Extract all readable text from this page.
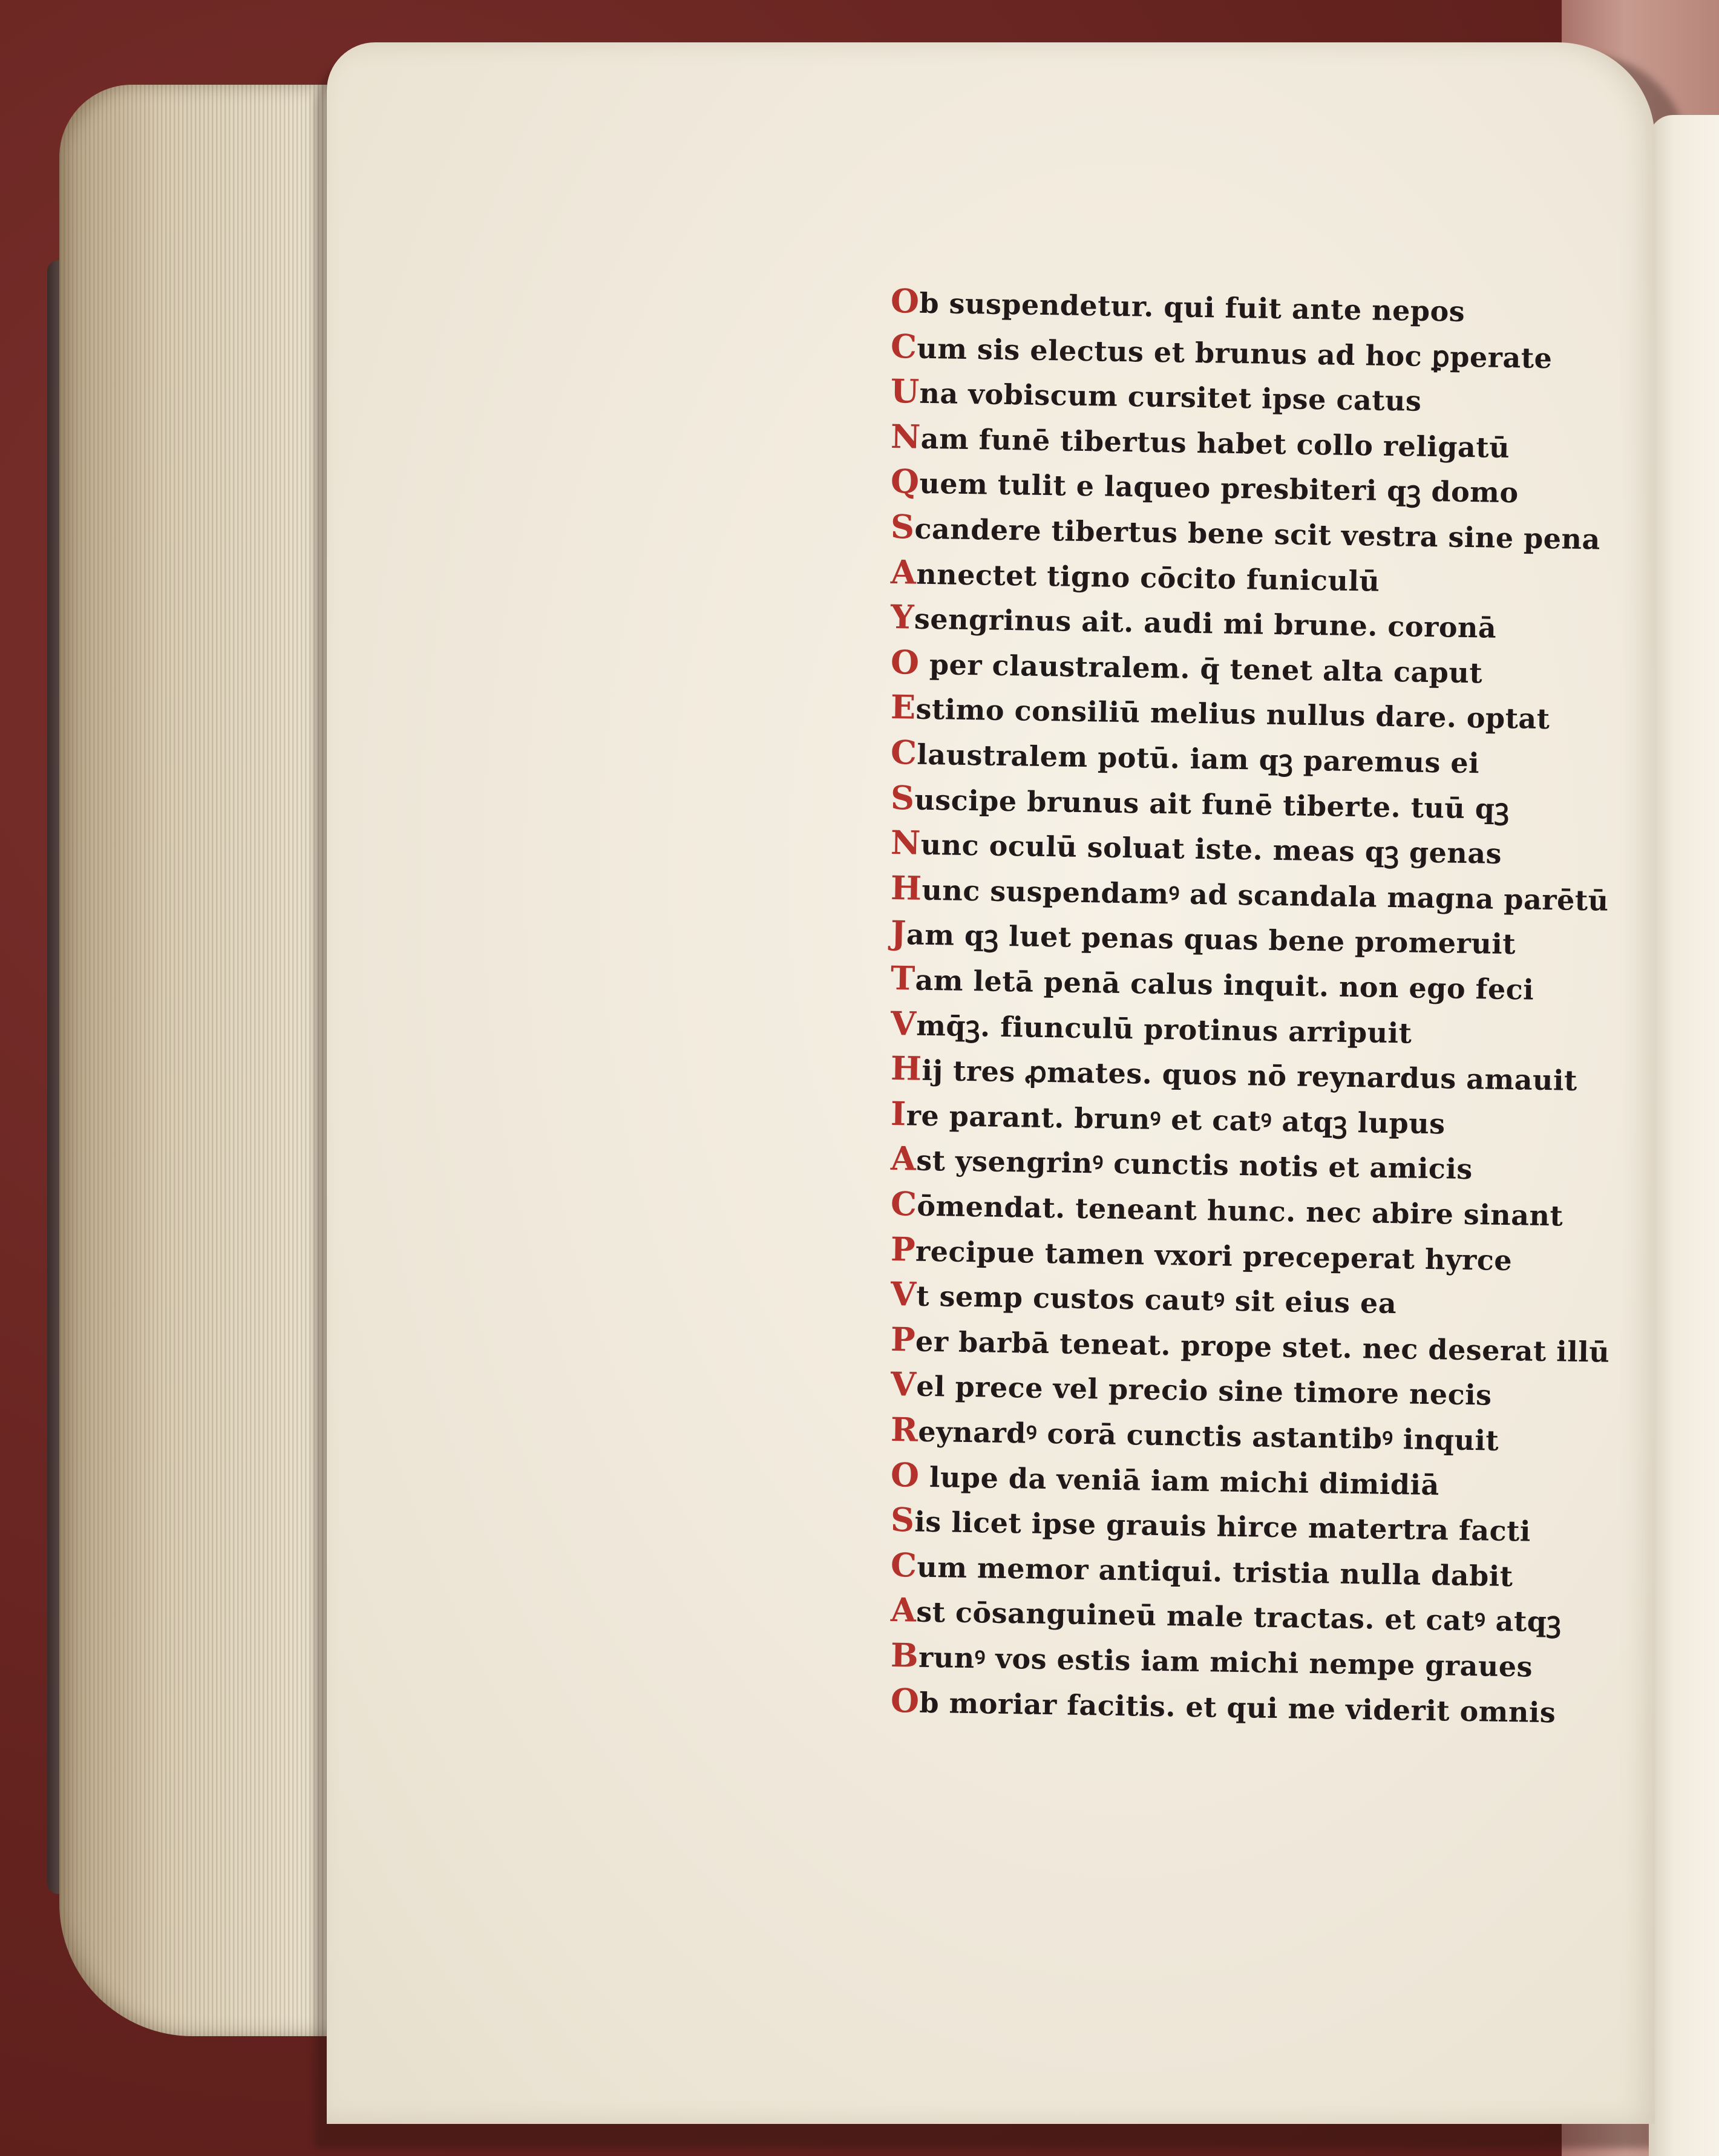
Ob suspendetur. qui fuit ante nepos
Cum sis electus et brunus ad hoc ꝑperate
Una vobiscum cursitet ipse catus
Nam funē tibertus habet collo religatū
Quem tulit e laqueo presbiteri qꝫ domo
Scandere tibertus bene scit vestra sine pena
Annectet tigno cōcito funiculū
Ysengrinus ait. audi mi brune. coronā
O per claustralem. q̄ tenet alta caput
Estimo consiliū melius nullus dare. optat
Claustralem potū. iam qꝫ paremus ei
Suscipe brunus ait funē tiberte. tuū qꝫ
Nunc oculū soluat iste. meas qꝫ genas
Hunc suspendamꝰ ad scandala magna parētū
Jam qꝫ luet penas quas bene promeruit
Tam letā penā calus inquit. non ego feci
Vmq̄ꝫ. fiunculū protinus arripuit
Hij tres ꝓmates. quos nō reynardus amauit
Ire parant. brunꝰ et catꝰ atqꝫ lupus
Ast ysengrinꝰ cunctis notis et amicis
Cōmendat. teneant hunc. nec abire sinant
Precipue tamen vxori preceperat hyrce
Vt semp custos cautꝰ sit eius ea
Per barbā teneat. prope stet. nec deserat illū
Vel prece vel precio sine timore necis
Reynardꝰ corā cunctis astantibꝰ inquit
O lupe da veniā iam michi dimidiā
Sis licet ipse grauis hirce matertra facti
Cum memor antiqui. tristia nulla dabit
Ast cōsanguineū male tractas. et catꝰ atqꝫ
Brunꝰ vos estis iam michi nempe graues
Ob moriar facitis. et qui me viderit omnis
